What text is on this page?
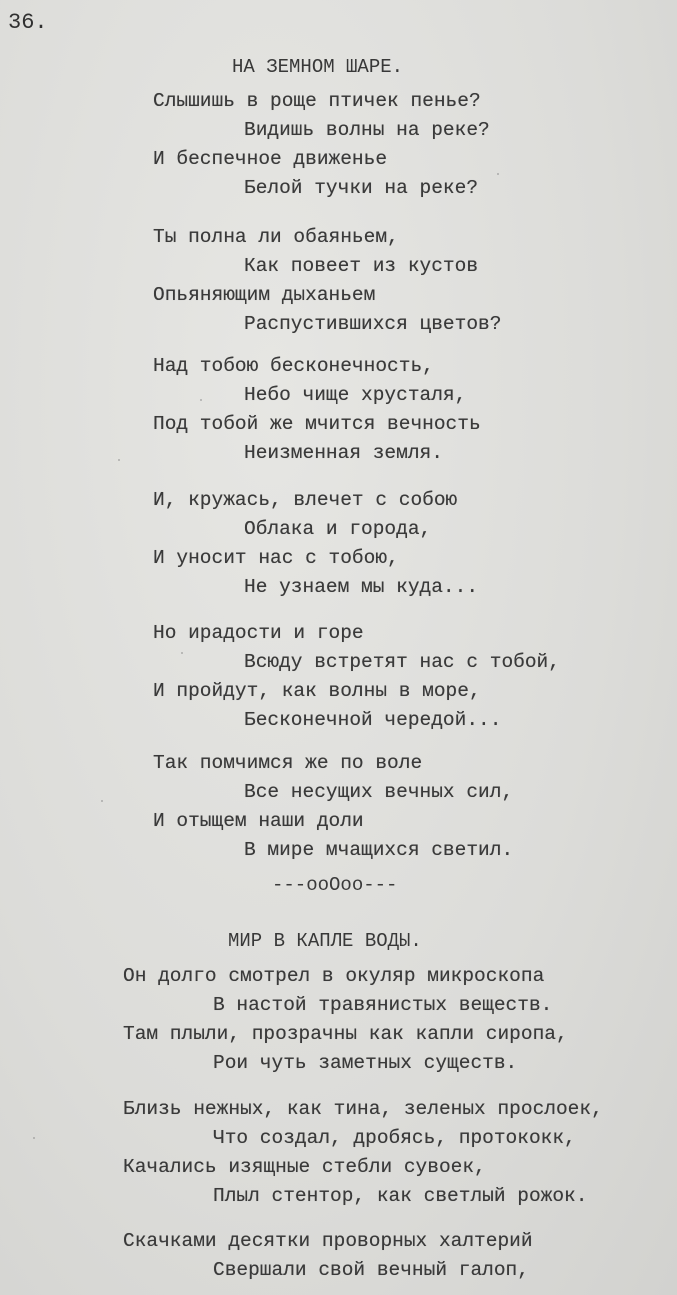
36.
НА ЗЕМНОМ ШАРЕ.
Слышишь в роще птичек пенье?
Видишь волны на реке?
И беспечное движенье
Белой тучки на реке?
Ты полна ли обаяньем,
Как повеет из кустов
Опьяняющим дыханьем
Распустившихся цветов?
Над тобою бесконечность,
Небо чище хрусталя,
Под тобой же мчится вечность
Неизменная земля.
И, кружась, влечет с собою
Облака и города,
И уносит нас с тобою,
Не узнаем мы куда...
Но ирадости и горе
Всюду встретят нас с тобой,
И пройдут, как волны в море,
Бесконечной чередой...
Так помчимся же по воле
Все несущих вечных сил,
И отыщем наши доли
В мире мчащихся светил.
---ооОоо---
МИР В КАПЛЕ ВОДЫ.
Он долго смотрел в окуляр микроскопа
В настой травянистых веществ.
Там плыли, прозрачны как капли сиропа,
Рои чуть заметных существ.
Близь нежных, как тина, зеленых прослоек,
Что создал, дробясь, протококк,
Качались изящные стебли сувоек,
Плыл стентор, как светлый рожок.
Скачками десятки проворных халтерий
Свершали свой вечный галоп,
